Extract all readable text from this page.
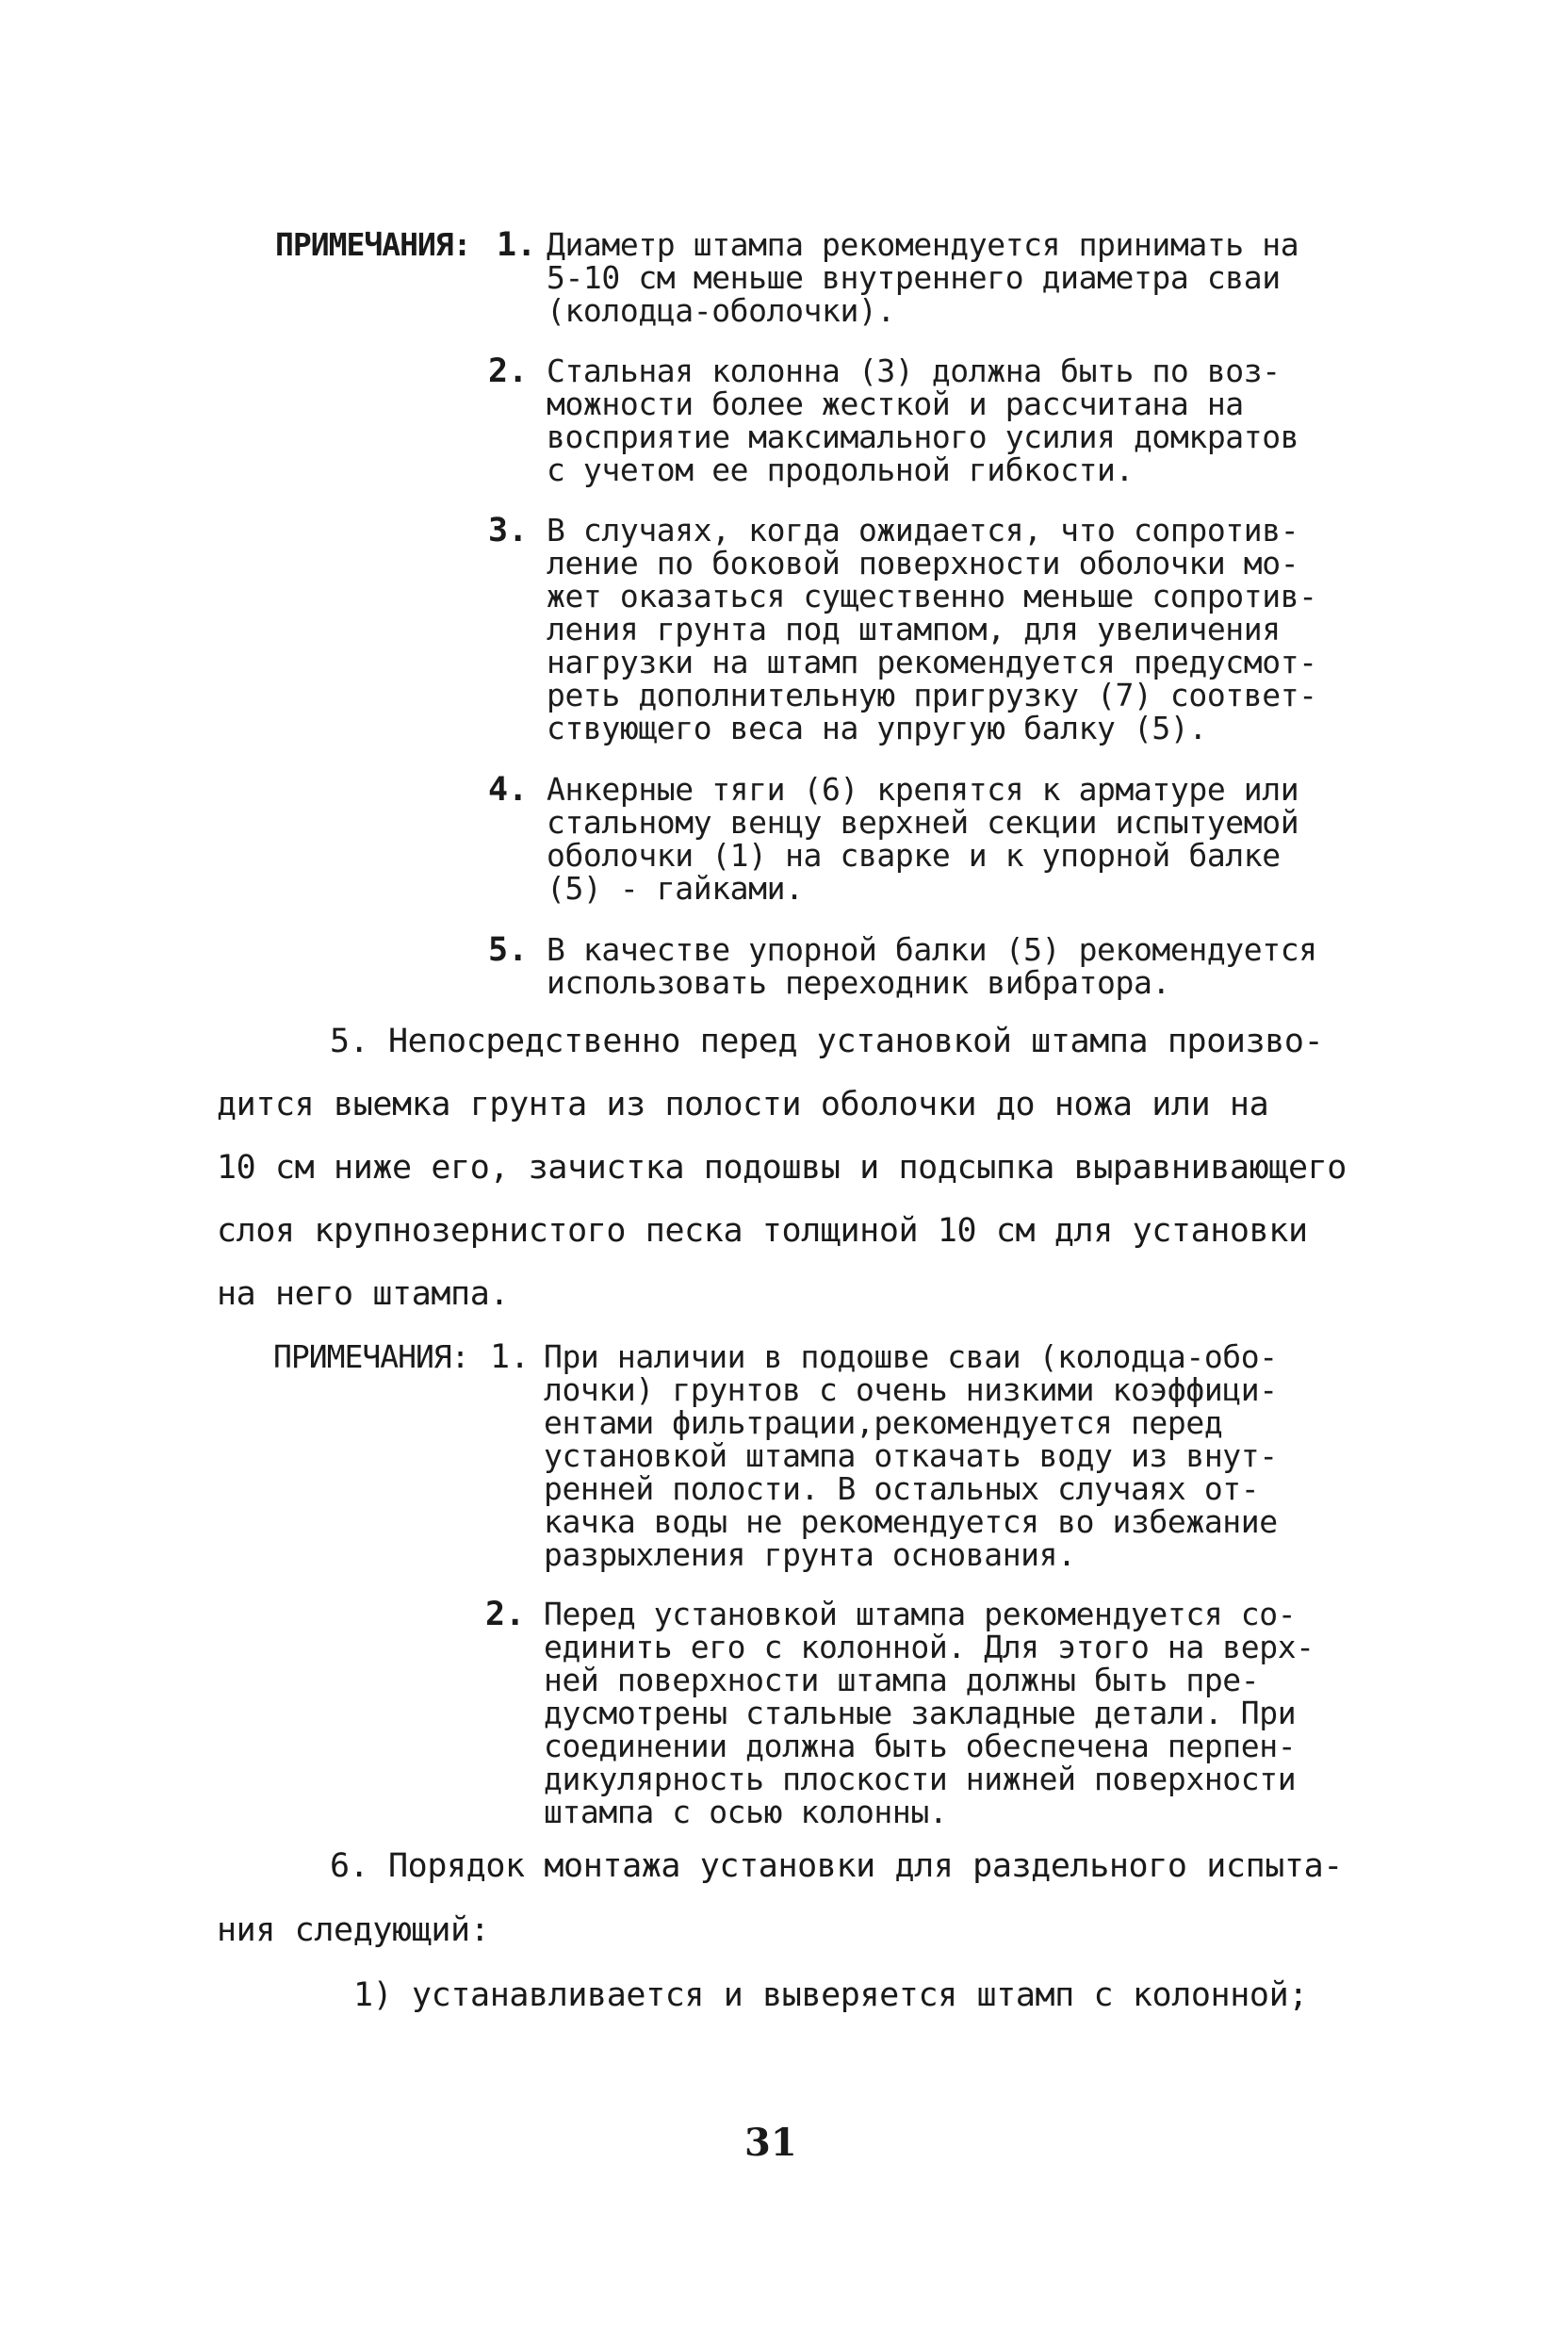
ПРИМЕЧАНИЯ: 1. Диаметр штампа рекомендуется принимать на
5-10 см меньше внутреннего диаметра сваи
(колодца-оболочки).
2. Стальная колонна (3) должна быть по воз-
можности более жесткой и рассчитана на
восприятие максимального усилия домкратов
с учетом ее продольной гибкости.
3. В случаях, когда ожидается, что сопротив-
ление по боковой поверхности оболочки мо-
жет оказаться существенно меньше сопротив-
ления грунта под штампом, для увеличения
нагрузки на штамп рекомендуется предусмот-
реть дополнительную пригрузку (7) соответ-
ствующего веса на упругую балку (5).
4. Анкерные тяги (6) крепятся к арматуре или
стальному венцу верхней секции испытуемой
оболочки (1) на сварке и к упорной балке
(5) - гайками.
5. В качестве упорной балки (5) рекомендуется
использовать переходник вибратора.
5. Непосредственно перед установкой штампа произво-
дится выемка грунта из полости оболочки до ножа или на
10 см ниже его, зачистка подошвы и подсыпка выравнивающего
слоя крупнозернистого песка толщиной 10 см для установки
на него штампа.
ПРИМЕЧАНИЯ: 1. При наличии в подошве сваи (колодца-обо-
лочки) грунтов с очень низкими коэффици-
ентами фильтрации,рекомендуется перед
установкой штампа откачать воду из внут-
ренней полости. В остальных случаях от-
качка воды не рекомендуется во избежание
разрыхления грунта основания.
2. Перед установкой штампа рекомендуется со-
единить его с колонной. Для этого на верх-
ней поверхности штампа должны быть пре-
дусмотрены стальные закладные детали. При
соединении должна быть обеспечена перпен-
дикулярность плоскости нижней поверхности
штампа с осью колонны.
6. Порядок монтажа установки для раздельного испыта-
ния следующий:
1) устанавливается и выверяется штамп с колонной;
31
